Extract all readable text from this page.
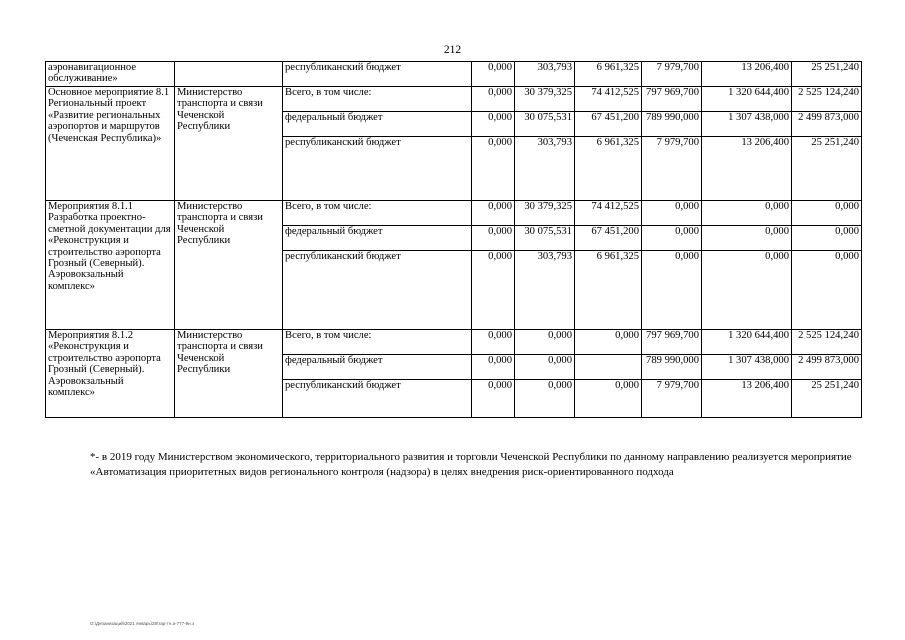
212
аэронавигационное обслуживание»		республиканский бюджет	0,000	303,793	6 961,325	7 979,700	13 206,400	25 251,240
Основное мероприятие 8.1 Региональный проект «Развитие региональных аэропортов и маршрутов (Чеченская Республика)»	Министерство транспорта и связи Чеченской Республики	Всего, в том числе:	0,000	30 379,325	74 412,525	797 969,700	1 320 644,400	2 525 124,240
		федеральный бюджет	0,000	30 075,531	67 451,200	789 990,000	1 307 438,000	2 499 873,000
		республиканский бюджет	0,000	303,793	6 961,325	7 979,700	13 206,400	25 251,240
Мероприятия 8.1.1 Разработка проектно-сметной документации для «Реконструкция и строительство аэропорта Грозный (Северный). Аэровокзальный комплекс»	Министерство транспорта и связи Чеченской Республики	Всего, в том числе:	0,000	30 379,325	74 412,525	0,000	0,000	0,000
		федеральный бюджет	0,000	30 075,531	67 451,200	0,000	0,000	0,000
		республиканский бюджет	0,000	303,793	6 961,325	0,000	0,000	0,000
Мероприятия 8.1.2 «Реконструкция и строительство аэропорта Грозный (Северный). Аэровокзальный комплекс»	Министерство транспорта и связи Чеченской Республики	Всего, в том числе:	0,000	0,000	0,000	797 969,700	1 320 644,400	2 525 124,240
		федеральный бюджет	0,000	0,000		789 990,000	1 307 438,000	2 499 873,000
		республиканский бюджет	0,000	0,000	0,000	7 979,700	13 206,400	25 251,240
*- в 2019 году Министерством экономического, территориального развития и торговли Чеченской Республики по данному направлению реализуется мероприятие «Автоматизация приоритетных видов регионального контроля (надзора) в целях внедрения риск-ориентированного подхода
G:\Депанизаций\2021 январь\28\тар-тн.а-777-9н.э
